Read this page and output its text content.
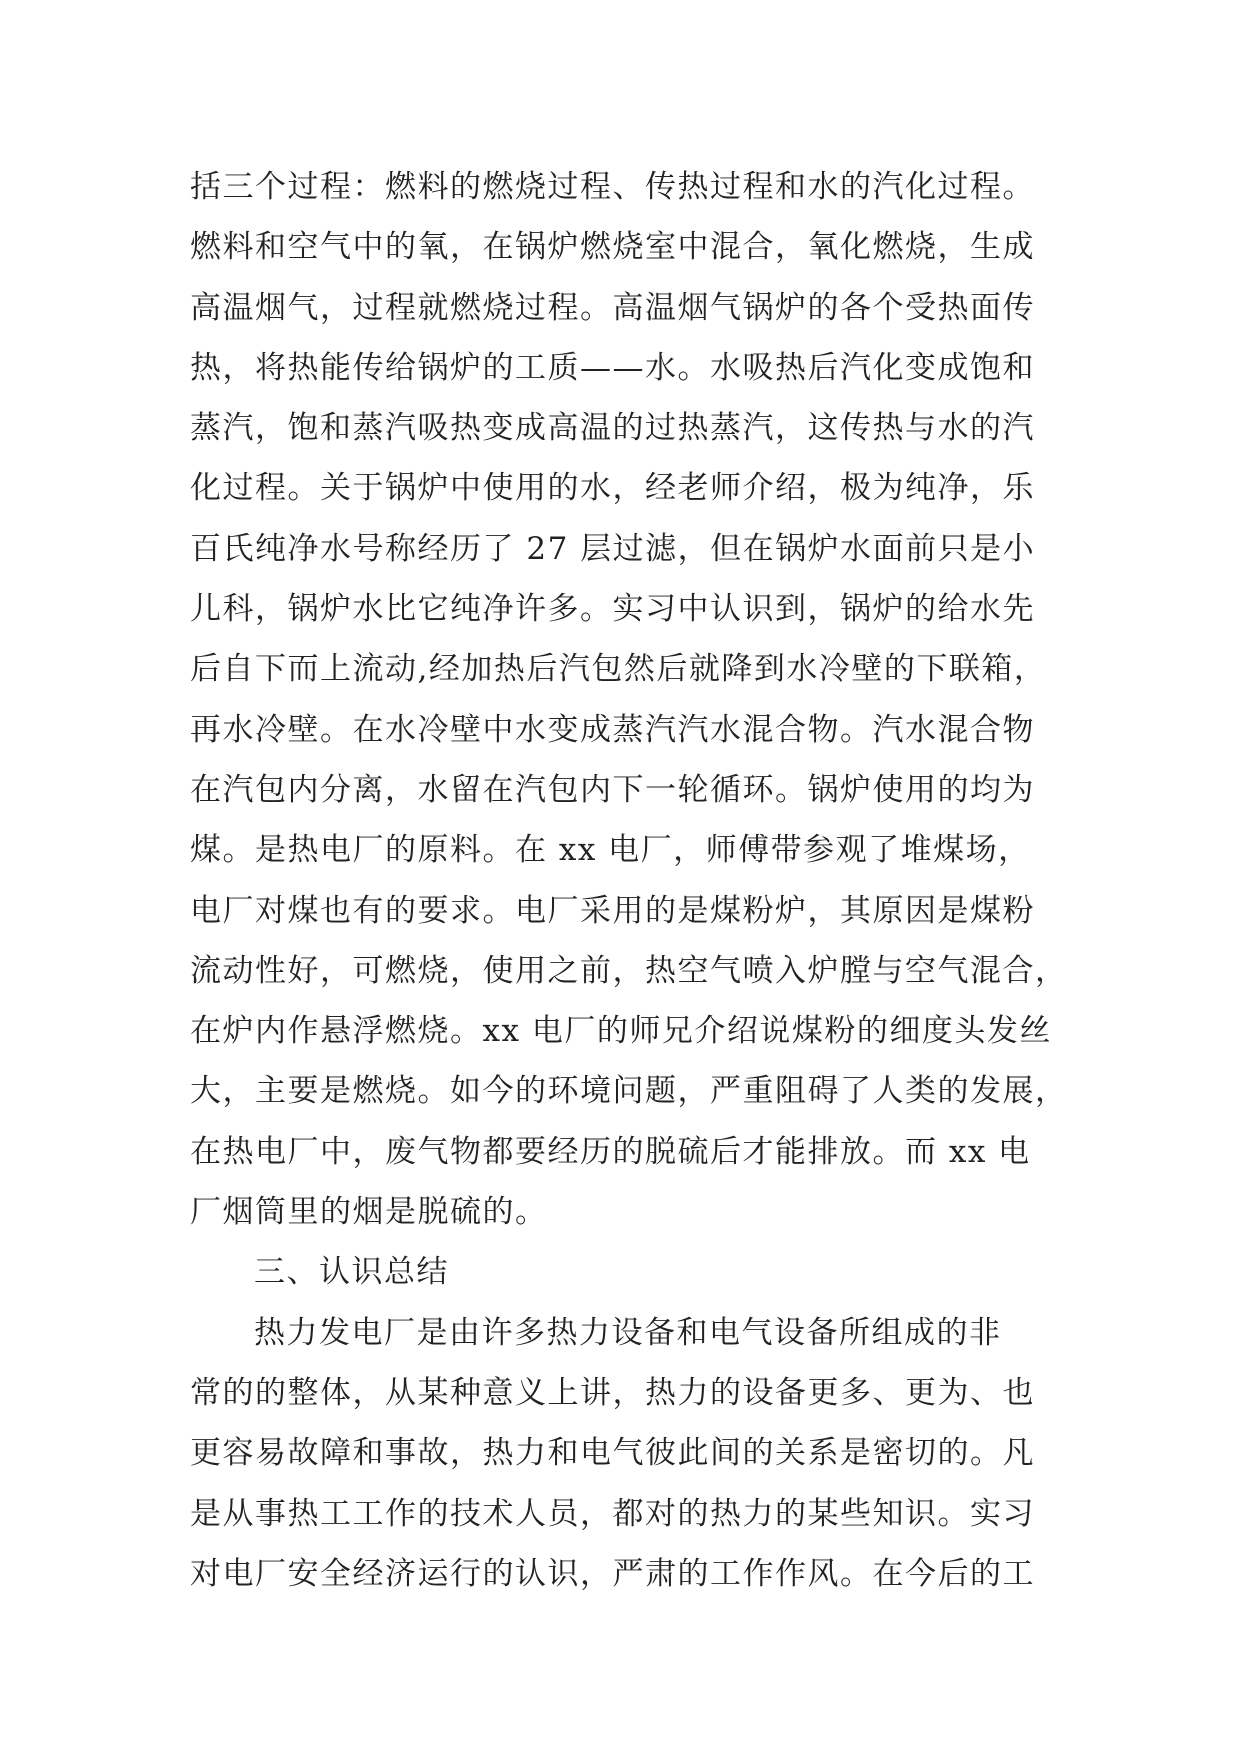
括三个过程：燃料的燃烧过程、传热过程和水的汽化过程。
燃料和空气中的氧，在锅炉燃烧室中混合，氧化燃烧，生成
高温烟气，过程就燃烧过程。高温烟气锅炉的各个受热面传
热，将热能传给锅炉的工质——水。水吸热后汽化变成饱和
蒸汽，饱和蒸汽吸热变成高温的过热蒸汽，这传热与水的汽
化过程。关于锅炉中使用的水，经老师介绍，极为纯净，乐
百氏纯净水号称经历了 27 层过滤，但在锅炉水面前只是小
儿科，锅炉水比它纯净许多。实习中认识到，锅炉的给水先
后自下而上流动,经加热后汽包然后就降到水冷壁的下联箱，
再水冷壁。在水冷壁中水变成蒸汽汽水混合物。汽水混合物
在汽包内分离，水留在汽包内下一轮循环。锅炉使用的均为
煤。是热电厂的原料。在 xx 电厂，师傅带参观了堆煤场，
电厂对煤也有的要求。电厂采用的是煤粉炉，其原因是煤粉
流动性好，可燃烧，使用之前，热空气喷入炉膛与空气混合，
在炉内作悬浮燃烧。xx 电厂的师兄介绍说煤粉的细度头发丝
大，主要是燃烧。如今的环境问题，严重阻碍了人类的发展，
在热电厂中，废气物都要经历的脱硫后才能排放。而 xx 电
厂烟筒里的烟是脱硫的。
三、认识总结
热力发电厂是由许多热力设备和电气设备所组成的非
常的的整体，从某种意义上讲，热力的设备更多、更为、也
更容易故障和事故，热力和电气彼此间的关系是密切的。凡
是从事热工工作的技术人员，都对的热力的某些知识。实习
对电厂安全经济运行的认识，严肃的工作作风。在今后的工
